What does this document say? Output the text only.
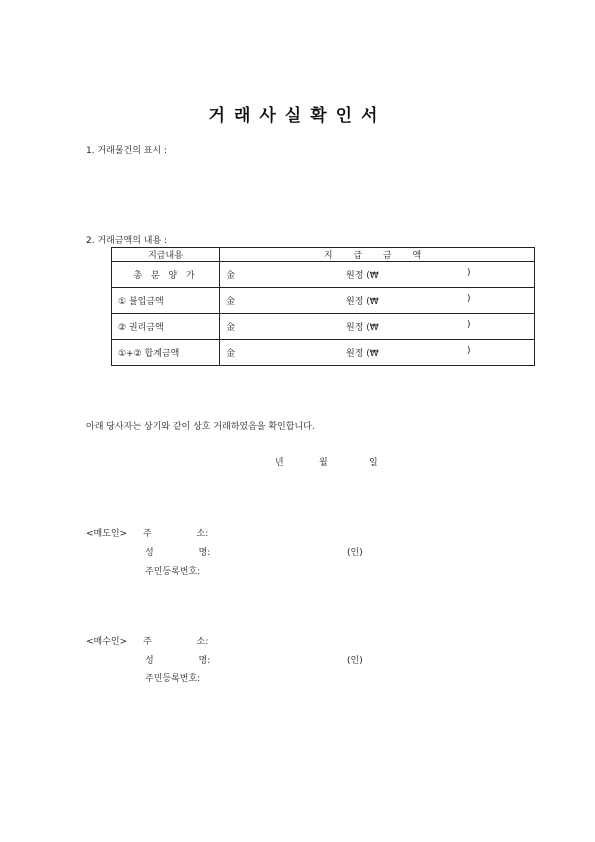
거래사실확인서
1. 거래물건의 표시 :
2. 거래금액의 내용 :
지급내용	지 급 금 액

총 분 양 가	金 원정 (₩ )

① 불입금액	金 원정 (₩ )

② 권리금액	金 원정 (₩ )

①+② 합계금액	金 원정 (₩ )
아래 당사자는 상기와 같이 상호 거래하였음을 확인합니다.
년	월	일
<매도인> 주 소:
성 명:	(인)
주민등록번호:
<매수인> 주 소:
성 명:	(인)
주민등록번호:
